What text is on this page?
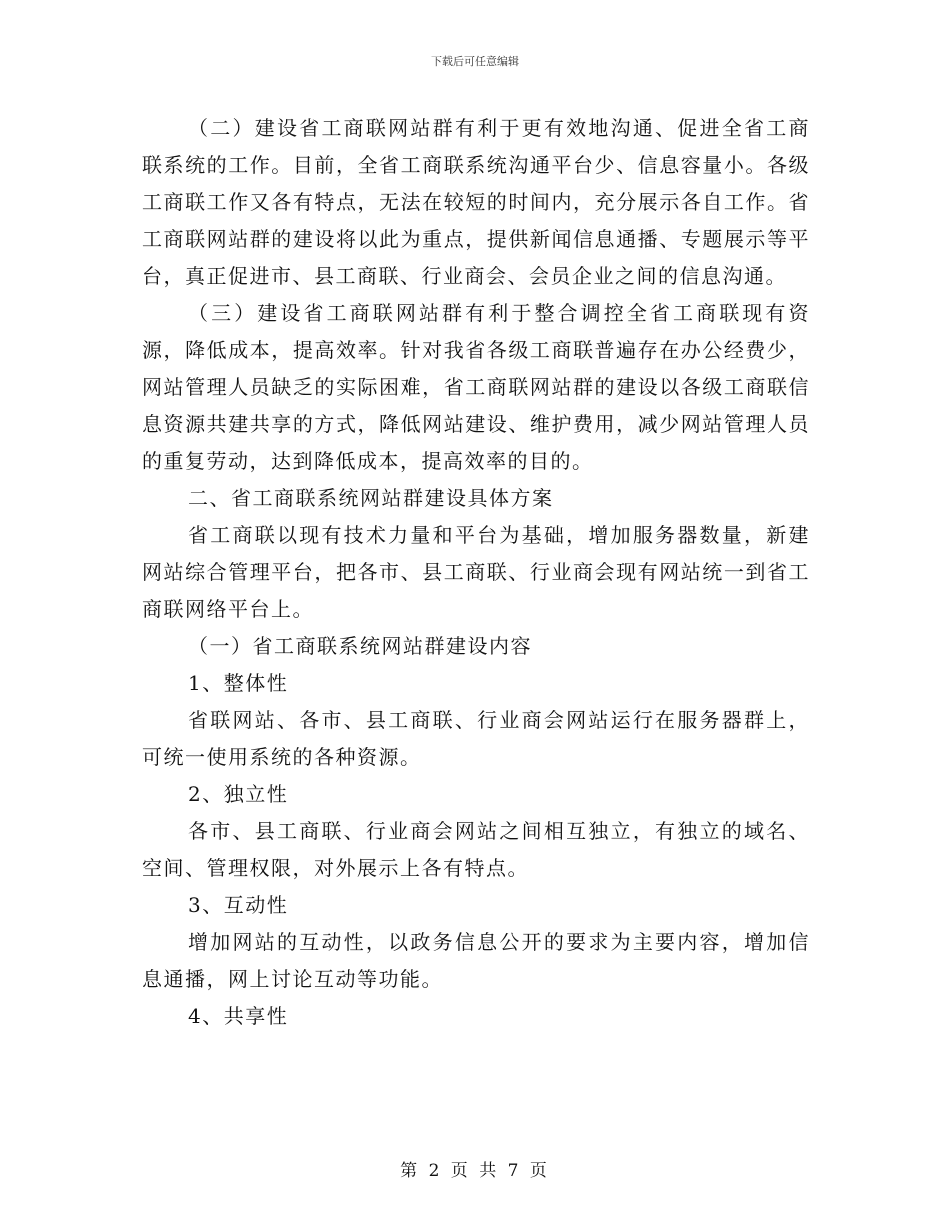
下载后可任意编辑

（二）建设省工商联网站群有利于更有效地沟通、促进全省工商联系统的工作。目前，全省工商联系统沟通平台少、信息容量小。各级工商联工作又各有特点，无法在较短的时间内，充分展示各自工作。省工商联网站群的建设将以此为重点，提供新闻信息通播、专题展示等平台，真正促进市、县工商联、行业商会、会员企业之间的信息沟通。

（三）建设省工商联网站群有利于整合调控全省工商联现有资源，降低成本，提高效率。针对我省各级工商联普遍存在办公经费少，网站管理人员缺乏的实际困难，省工商联网站群的建设以各级工商联信息资源共建共享的方式，降低网站建设、维护费用，减少网站管理人员的重复劳动，达到降低成本，提高效率的目的。

二、省工商联系统网站群建设具体方案

省工商联以现有技术力量和平台为基础，增加服务器数量，新建网站综合管理平台，把各市、县工商联、行业商会现有网站统一到省工商联网络平台上。

（一）省工商联系统网站群建设内容

1、整体性

省联网站、各市、县工商联、行业商会网站运行在服务器群上，可统一使用系统的各种资源。

2、独立性

各市、县工商联、行业商会网站之间相互独立，有独立的域名、空间、管理权限，对外展示上各有特点。

3、互动性

增加网站的互动性，以政务信息公开的要求为主要内容，增加信息通播，网上讨论互动等功能。

4、共享性

第 2 页 共 7 页
